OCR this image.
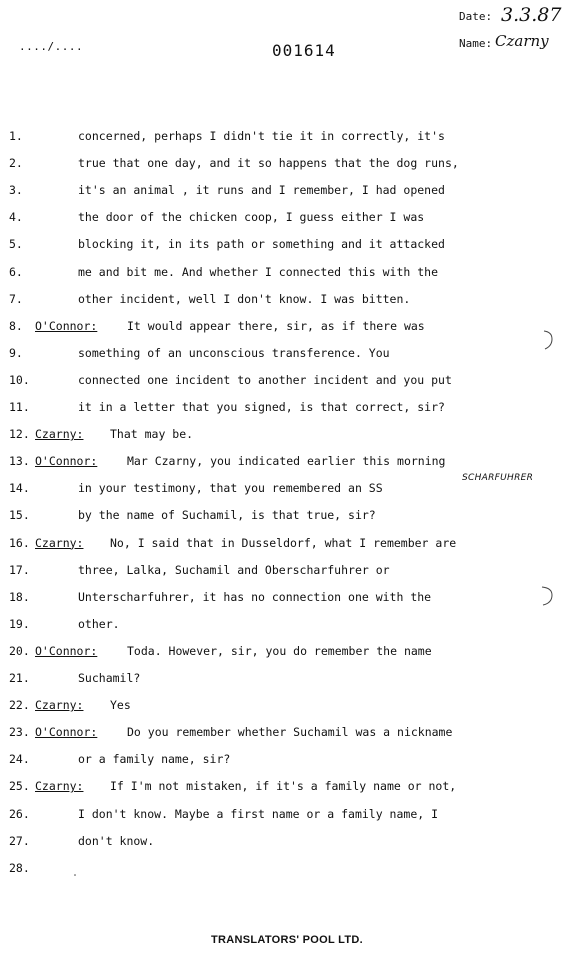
Date: 3.3.87
Name: Czarny
..../....	001614
1.	concerned, perhaps I didn't tie it in correctly, it's
2.	true that one day, and it so happens that the dog runs,
3.	it's an animal , it runs and I remember, I had opened
4.	the door of the chicken coop, I guess either I was
5.	blocking it, in its path or something and it attacked
6.	me and bit me. And whether I connected this with the
7.	other incident, well I don't know. I was bitten.
8. O'Connor:	It would appear there, sir, as if there was
9.	something of an unconscious transference. You
10.	connected one incident to another incident and you put
11.	it in a letter that you signed, is that correct, sir?
12. Czarny: That may be.
13. O'Connor:	Mar Czarny, you indicated earlier this morning
14.	in your testimony, that you remembered an SS
15.	by the name of Suchamil, is that true, sir?
16. Czarny: No, I said that in Dusseldorf, what I remember are
17.	three, Lalka, Suchamil and Oberscharfuhrer or
18.	Unterscharfuhrer, it has no connection one with the
19.	other.
20. O'Connor:	Toda. However, sir, you do remember the name
21.	Suchamil?
22. Czarny: Yes
23. O'Connor:	Do you remember whether Suchamil was a nickname
24.	or a family name, sir?
25. Czarny: If I'm not mistaken, if it's a family name or not,
26.	I don't know. Maybe a first name or a family name, I
27.	don't know.
28.
SCHARFUHRER
TRANSLATORS' POOL LTD.
